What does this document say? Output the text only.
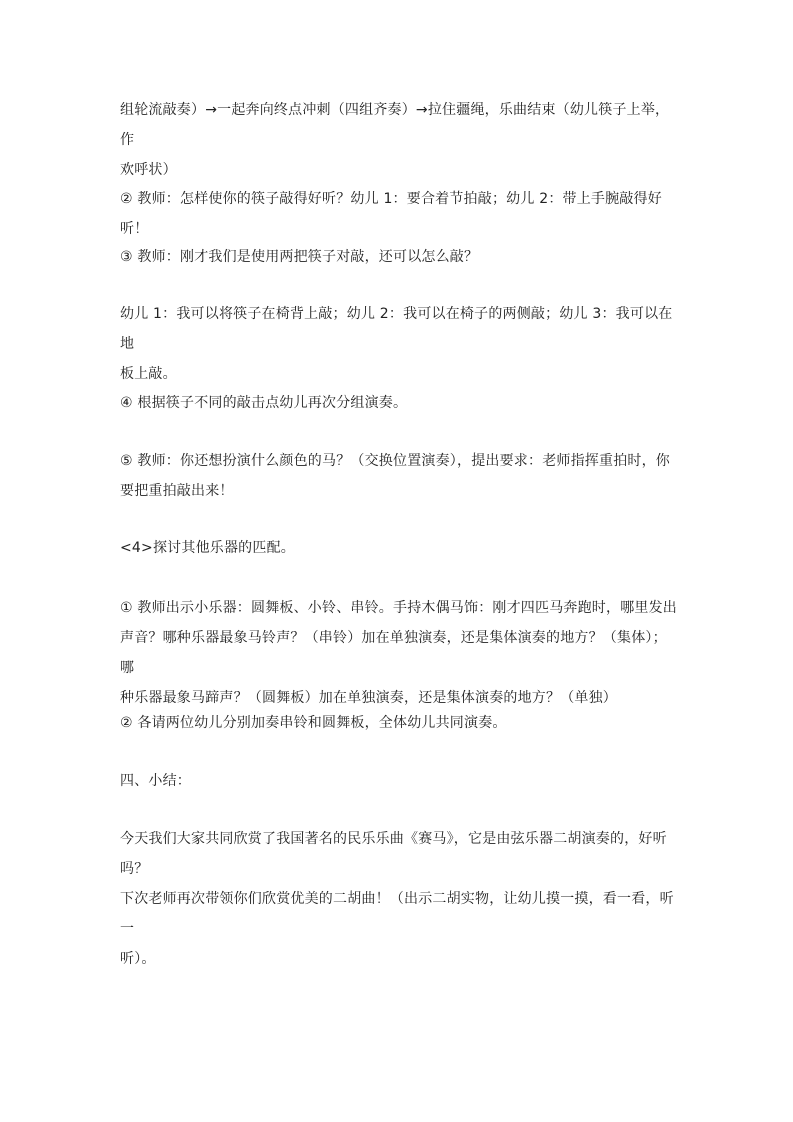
组轮流敲奏）→一起奔向终点冲刺（四组齐奏）→拉住疆绳，乐曲结束（幼儿筷子上举，作
欢呼状）

② 教师：怎样使你的筷子敲得好听？幼儿 1：要合着节拍敲；幼儿 2：带上手腕敲得好听！

③ 教师：刚才我们是使用两把筷子对敲，还可以怎么敲？

幼儿 1：我可以将筷子在椅背上敲；幼儿 2：我可以在椅子的两侧敲；幼儿 3：我可以在地
板上敲。

④ 根据筷子不同的敲击点幼儿再次分组演奏。

⑤ 教师：你还想扮演什么颜色的马？（交换位置演奏），提出要求：老师指挥重拍时，你
要把重拍敲出来！

<4>探讨其他乐器的匹配。

① 教师出示小乐器：圆舞板、小铃、串铃。手持木偶马饰：刚才四匹马奔跑时，哪里发出
声音？哪种乐器最象马铃声？（串铃）加在单独演奏，还是集体演奏的地方？（集体）；哪
种乐器最象马蹄声？（圆舞板）加在单独演奏，还是集体演奏的地方？（单独）

② 各请两位幼儿分别加奏串铃和圆舞板，全体幼儿共同演奏。

四、小结：

今天我们大家共同欣赏了我国著名的民乐乐曲《赛马》，它是由弦乐器二胡演奏的，好听吗？
下次老师再次带领你们欣赏优美的二胡曲！（出示二胡实物，让幼儿摸一摸，看一看，听一
听）。
